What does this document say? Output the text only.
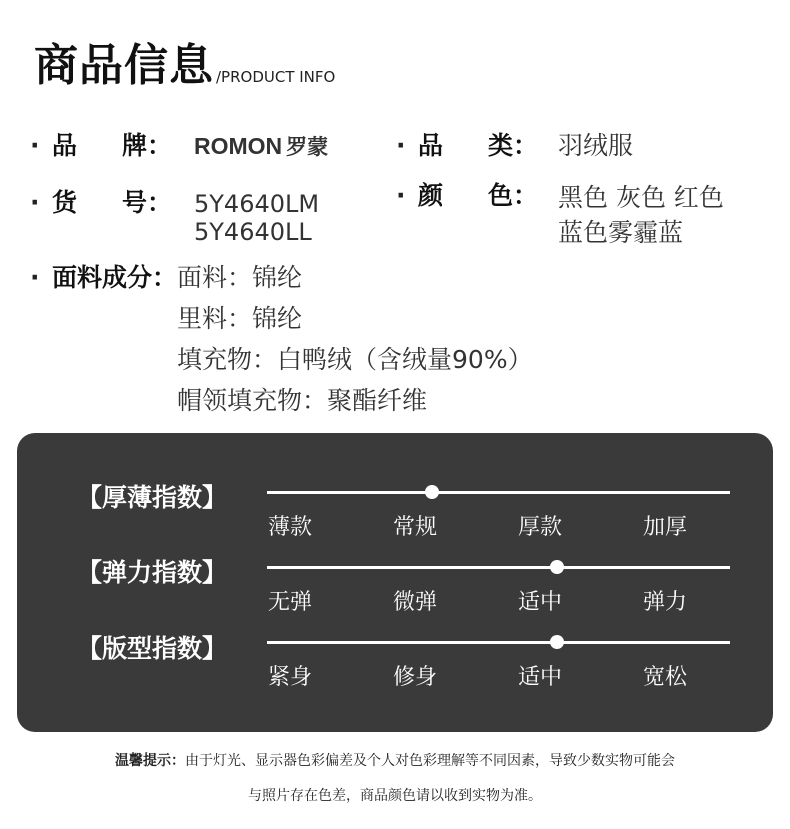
商品信息 /PRODUCT INFO
· 品 牌： ROMON 罗蒙	· 品 类： 羽绒服
· 货 号： 5Y4640LM
5Y4640LL
· 颜 色： 黑色 灰色 红色
蓝色雾霾蓝
· 面料成分： 面料：锦纶
里料：锦纶
填充物：白鸭绒（含绒量90%）
帽领填充物：聚酯纤维
【厚薄指数】
薄款	常规	厚款	加厚
【弹力指数】
无弹	微弹	适中	弹力
【版型指数】
紧身	修身	适中	宽松
温馨提示：由于灯光、显示器色彩偏差及个人对色彩理解等不同因素，导致少数实物可能会
与照片存在色差，商品颜色请以收到实物为准。
